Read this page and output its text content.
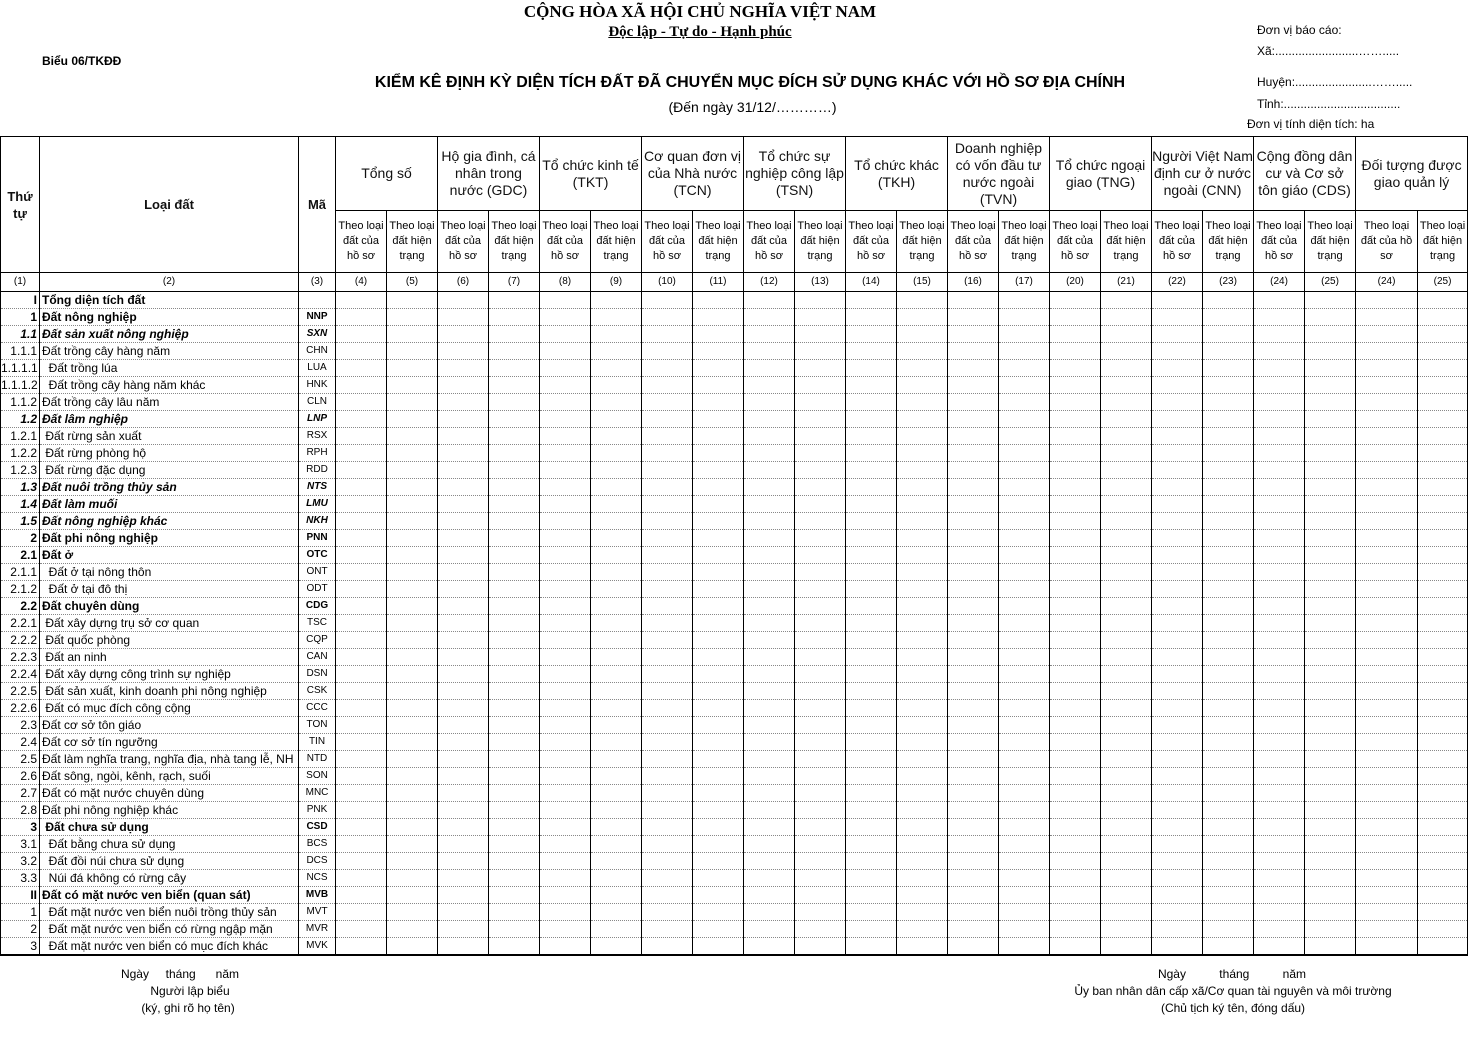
CỘNG HÒA XÃ HỘI CHỦ NGHĨA VIỆT NAM
Độc lập - Tự do - Hạnh phúc
Biểu 06/TKĐĐ
KIỂM KÊ ĐỊNH KỲ DIỆN TÍCH ĐẤT ĐÃ CHUYỂN MỤC ĐÍCH SỬ DỤNG KHÁC VỚI HỒ SƠ ĐỊA CHÍNH
(Đến ngày 31/12/…………)
Đơn vị báo cáo:
Xã:.........................…….....
Huyện:.......................…….....
Tỉnh:...................................
Đơn vị tính diện tích: ha
Thứ tự	Loại đất	Mã	Tổng số		Hộ gia đình, cá nhân trong nước (GDC)		Tổ chức kinh tế (TKT)		Cơ quan đơn vị của Nhà nước (TCN)		Tổ chức sự nghiệp công lập (TSN)		Tổ chức khác (TKH)		Doanh nghiệp có vốn đầu tư nước ngoài (TVN)		Tổ chức ngoại giao (TNG)		Người Việt Nam định cư ở nước ngoài (CNN)		Cộng đồng dân cư và Cơ sở tôn giáo (CDS)		Đối tượng được giao quản lý	
			Theo loại đất của hồ sơ	Theo loại đất hiện trạng	Theo loại đất của hồ sơ	Theo loại đất hiện trạng	Theo loại đất của hồ sơ	Theo loại đất hiện trạng	Theo loại đất của hồ sơ	Theo loại đất hiện trạng	Theo loại đất của hồ sơ	Theo loại đất hiện trạng	Theo loại đất của hồ sơ	Theo loại đất hiện trạng	Theo loại đất của hồ sơ	Theo loại đất hiện trạng	Theo loại đất của hồ sơ	Theo loại đất hiện trạng	Theo loại đất của hồ sơ	Theo loại đất hiện trạng	Theo loại đất của hồ sơ	Theo loại đất hiện trạng	Theo loại đất của hồ sơ	Theo loại đất hiện trạng
(1)	(2)	(3)	(4)	(5)	(6)	(7)	(8)	(9)	(10)	(11)	(12)	(13)	(14)	(15)	(16)	(17)	(20)	(21)	(22)	(23)	(24)	(25)	(24)	(25)
I	Tổng diện tích đất																							
1	Đất nông nghiệp	NNP																						
1.1	Đất sản xuất nông nghiệp	SXN																						
1.1.1	Đất trồng cây hàng năm	CHN																						
1.1.1.1	Đất trồng lúa	LUA																						
1.1.1.2	Đất trồng cây hàng năm khác	HNK																						
1.1.2	Đất trồng cây lâu năm	CLN																						
1.2	Đất lâm nghiệp	LNP																						
1.2.1	Đất rừng sản xuất	RSX																						
1.2.2	Đất rừng phòng hộ	RPH																						
1.2.3	Đất rừng đặc dụng	RDD																						
1.3	Đất nuôi trồng thủy sản	NTS																						
1.4	Đất làm muối	LMU																						
1.5	Đất nông nghiệp khác	NKH																						
2	Đất phi nông nghiệp	PNN																						
2.1	Đất ở	OTC																						
2.1.1	Đất ở tại nông thôn	ONT																						
2.1.2	Đất ở tại đô thị	ODT																						
2.2	Đất chuyên dùng	CDG																						
2.2.1	Đất xây dựng trụ sở cơ quan	TSC																						
2.2.2	Đất quốc phòng	CQP																						
2.2.3	Đất an ninh	CAN																						
2.2.4	Đất xây dựng công trình sự nghiệp	DSN																						
2.2.5	Đất sản xuất, kinh doanh phi nông nghiệp	CSK																						
2.2.6	Đất có mục đích công cộng	CCC																						
2.3	Đất cơ sở tôn giáo	TON																						
2.4	Đất cơ sở tín ngưỡng	TIN																						
2.5	Đất làm nghĩa trang, nghĩa địa, nhà tang lễ, NH	NTD																						
2.6	Đất sông, ngòi, kênh, rạch, suối	SON																						
2.7	Đất có mặt nước chuyên dùng	MNC																						
2.8	Đất phi nông nghiệp khác	PNK																						
3	Đất chưa sử dụng	CSD																						
3.1	Đất bằng chưa sử dụng	BCS																						
3.2	Đất đồi núi chưa sử dụng	DCS																						
3.3	Núi đá không có rừng cây	NCS																						
II	Đất có mặt nước ven biển (quan sát)	MVB																						
1	Đất mặt nước ven biển nuôi trồng thủy sản	MVT																						
2	Đất mặt nước ven biển có rừng ngập mặn	MVR																						
3	Đất mặt nước ven biển có mục đích khác	MVK																						
Ngày     tháng      năm
Người lập biểu
(ký, ghi rõ họ tên)
Ngày          tháng          năm
Ủy ban nhân dân cấp xã/Cơ quan tài nguyên và môi trường
(Chủ tịch ký tên, đóng dấu)
